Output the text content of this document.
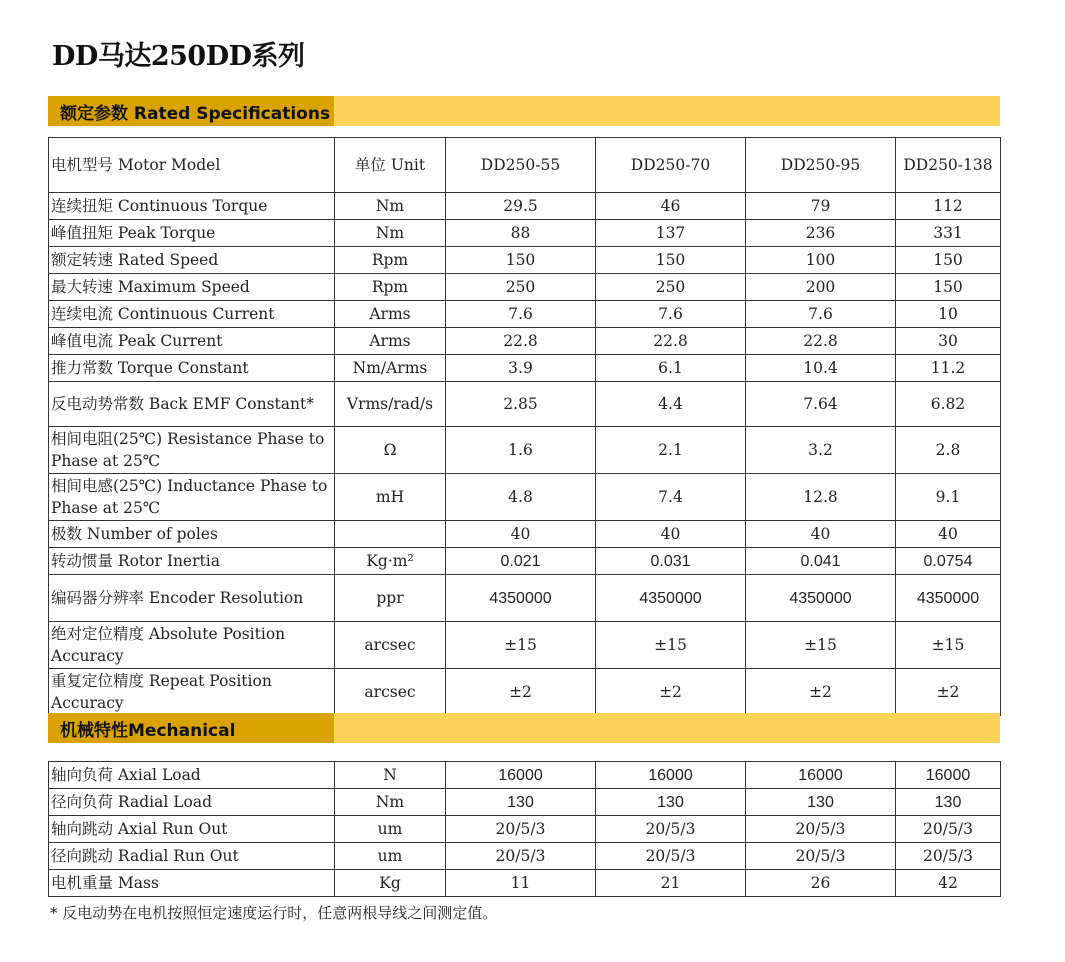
DD马达250DD系列
额定参数 Rated Specifications
电机型号 Motor Model	单位 Unit	DD250-55	DD250-70	DD250-95	DD250-138
连续扭矩 Continuous Torque	Nm	29.5	46	79	112
峰值扭矩 Peak Torque	Nm	88	137	236	331
额定转速 Rated Speed	Rpm	150	150	100	150
最大转速 Maximum Speed	Rpm	250	250	200	150
连续电流 Continuous Current	Arms	7.6	7.6	7.6	10
峰值电流 Peak Current	Arms	22.8	22.8	22.8	30
推力常数 Torque Constant	Nm/Arms	3.9	6.1	10.4	11.2
反电动势常数 Back EMF Constant*	Vrms/rad/s	2.85	4.4	7.64	6.82
相间电阻(25℃) Resistance Phase to Phase at 25℃	Ω	1.6	2.1	3.2	2.8
相间电感(25℃) Inductance Phase to Phase at 25℃	mH	4.8	7.4	12.8	9.1
极数 Number of poles		40	40	40	40
转动惯量 Rotor Inertia	Kg·m²	0.021	0.031	0.041	0.0754
编码器分辨率 Encoder Resolution	ppr	4350000	4350000	4350000	4350000
绝对定位精度 Absolute Position Accuracy	arcsec	±15	±15	±15	±15
重复定位精度 Repeat Position Accuracy	arcsec	±2	±2	±2	±2
机械特性Mechanical
轴向负荷 Axial Load	N	16000	16000	16000	16000
径向负荷 Radial Load	Nm	130	130	130	130
轴向跳动 Axial Run Out	um	20/5/3	20/5/3	20/5/3	20/5/3
径向跳动 Radial Run Out	um	20/5/3	20/5/3	20/5/3	20/5/3
电机重量 Mass	Kg	11	21	26	42
* 反电动势在电机按照恒定速度运行时，任意两根导线之间测定值。
